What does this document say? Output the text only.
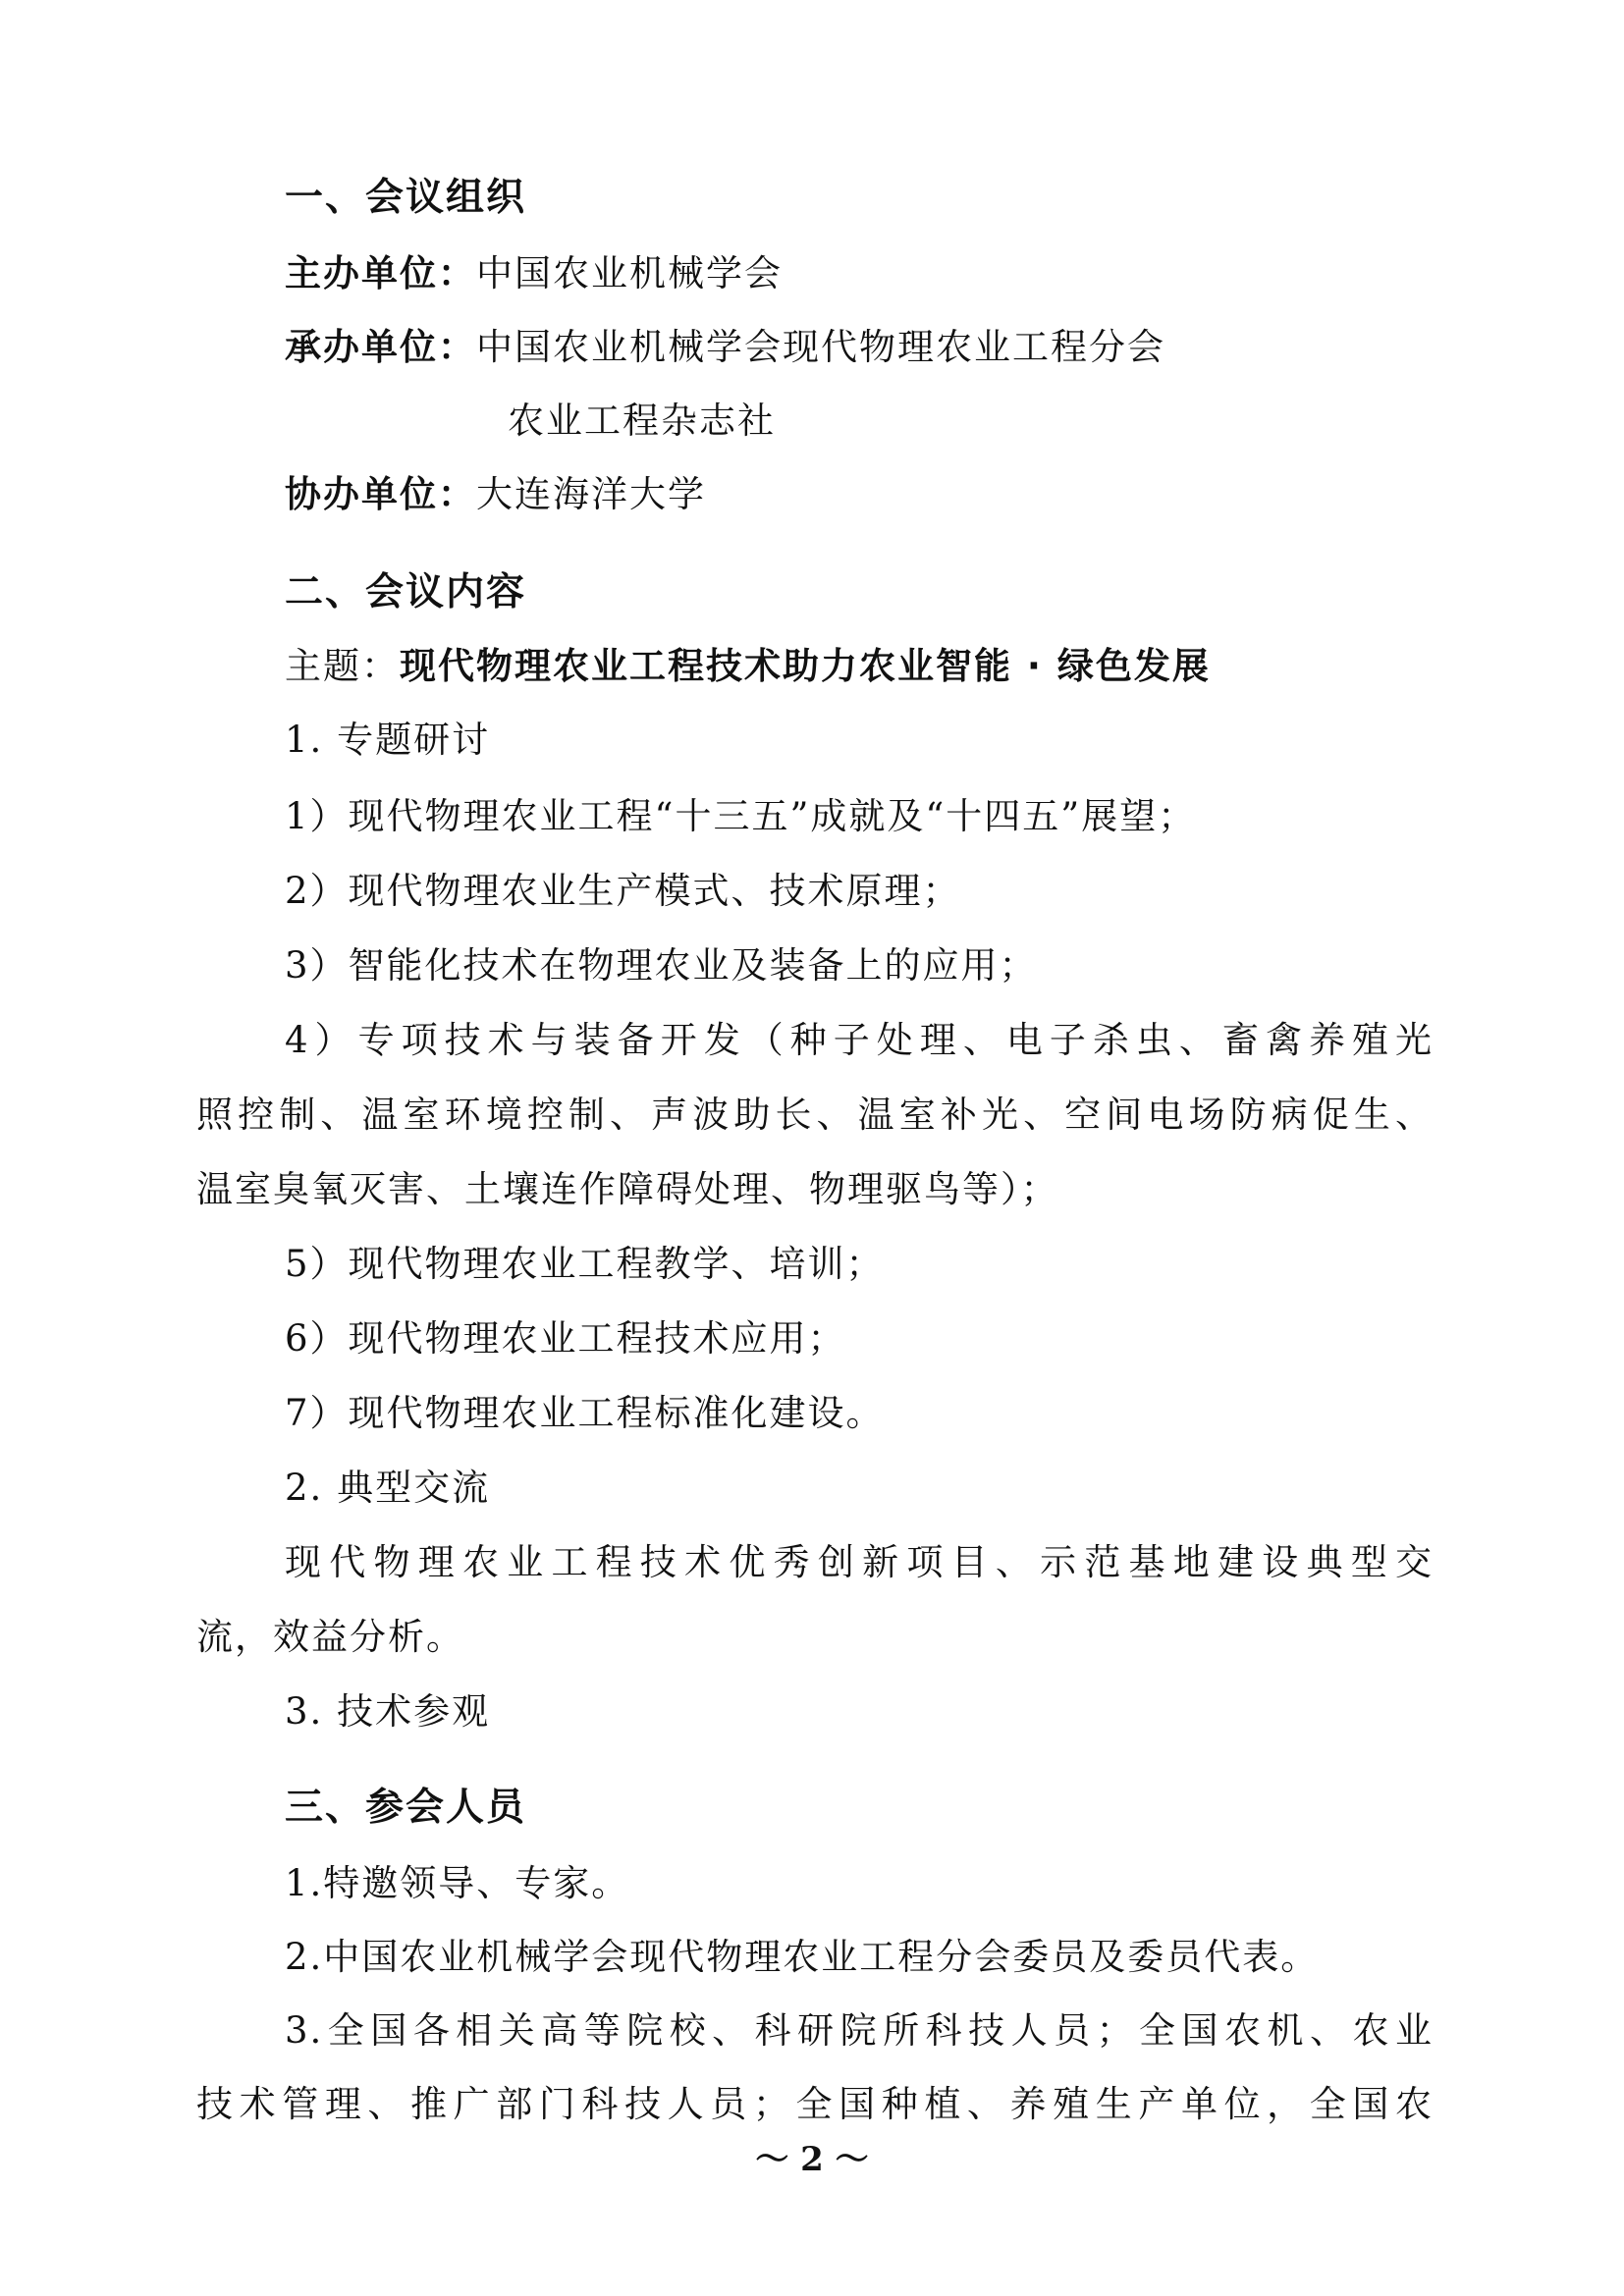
一、会议组织
主办单位：中国农业机械学会
承办单位：中国农业机械学会现代物理农业工程分会
农业工程杂志社
协办单位：大连海洋大学
二、会议内容
主题：现代物理农业工程技术助力农业智能 · 绿色发展
1. 专题研讨
1）现代物理农业工程“十三五”成就及“十四五”展望；
2）现代物理农业生产模式、技术原理；
3）智能化技术在物理农业及装备上的应用；
4）专项技术与装备开发（种子处理、电子杀虫、畜禽养殖光
照控制、温室环境控制、声波助长、温室补光、空间电场防病促生、
温室臭氧灭害、土壤连作障碍处理、物理驱鸟等）；
5）现代物理农业工程教学、培训；
6）现代物理农业工程技术应用；
7）现代物理农业工程标准化建设。
2. 典型交流
现代物理农业工程技术优秀创新项目、示范基地建设典型交
流，效益分析。
3. 技术参观
三、参会人员
1.特邀领导、专家。
2.中国农业机械学会现代物理农业工程分会委员及委员代表。
3.全国各相关高等院校、科研院所科技人员；全国农机、农业
技术管理、推广部门科技人员；全国种植、养殖生产单位，全国农
～ 2 ～
